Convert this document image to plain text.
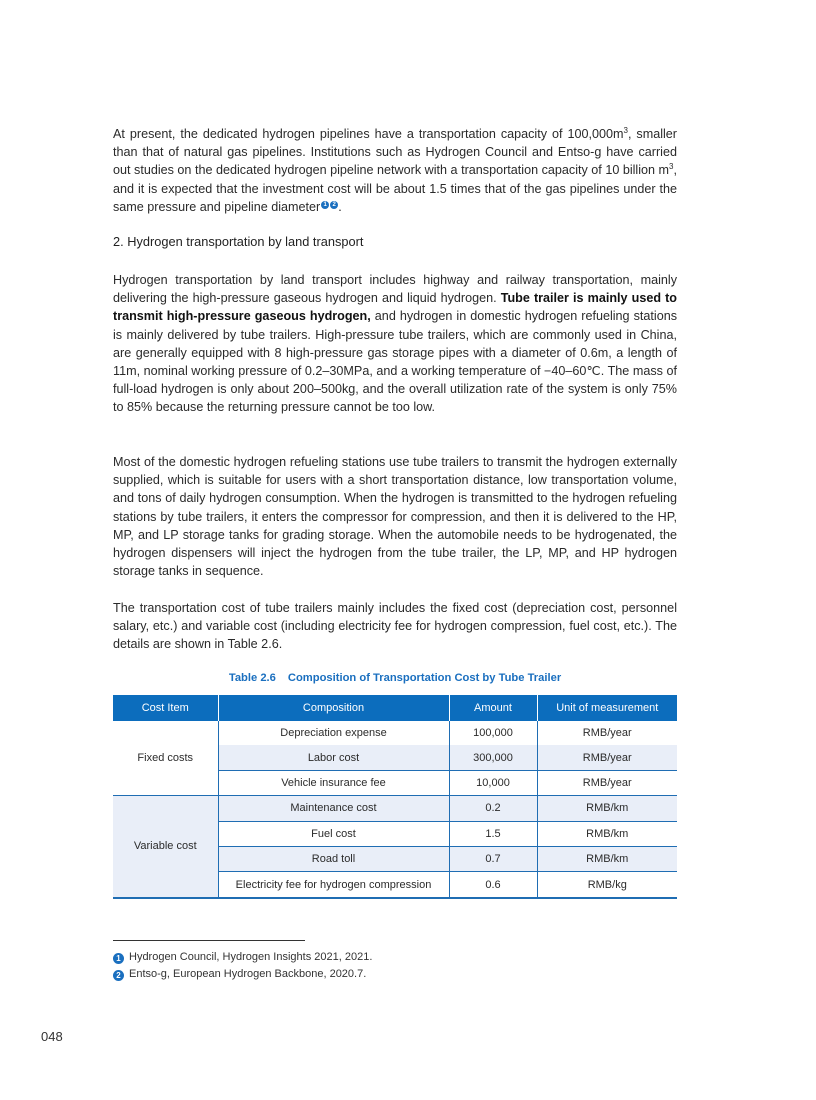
At present, the dedicated hydrogen pipelines have a transportation capacity of $100,000m^3$, smaller than that of natural gas pipelines. Institutions such as Hydrogen Council and Entso-g have carried out studies on the dedicated hydrogen pipeline network with a transportation capacity of 10 billion $m^3$, and it is expected that the investment cost will be about 1.5 times that of the gas pipelines under the same pressure and pipeline diameter 1 2 .

2. Hydrogen transportation by land transport

Hydrogen transportation by land transport includes highway and railway transportation, mainly delivering the high-pressure gaseous hydrogen and liquid hydrogen. Tube trailer is mainly used to transmit high-pressure gaseous hydrogen, and hydrogen in domestic hydrogen refueling stations is mainly delivered by tube trailers. High-pressure tube trailers, which are commonly used in China, are generally equipped with 8 high-pressure gas storage pipes with a diameter of 0.6m, a length of 11m, nominal working pressure of 0.2–30MPa, and a working temperature of −40–60℃. The mass of full-load hydrogen is only about 200–500kg, and the overall utilization rate of the system is only 75% to 85% because the returning pressure cannot be too low.

Most of the domestic hydrogen refueling stations use tube trailers to transmit the hydrogen externally supplied, which is suitable for users with a short transportation distance, low transportation volume, and tons of daily hydrogen consumption. When the hydrogen is transmitted to the hydrogen refueling stations by tube trailers, it enters the compressor for compression, and then it is delivered to the HP, MP, and LP storage tanks for grading storage. When the automobile needs to be hydrogenated, the hydrogen dispensers will inject the hydrogen from the tube trailer, the LP, MP, and HP hydrogen storage tanks in sequence.

The transportation cost of tube trailers mainly includes the fixed cost (depreciation cost, personnel salary, etc.) and variable cost (including electricity fee for hydrogen compression, fuel cost, etc.). The details are shown in Table 2.6.

Table 2.6 Composition of Transportation Cost by Tube Trailer

Cost Item	Composition	Amount	Unit of measurement
Fixed costs	Depreciation expense	100,000	RMB/year
	Labor cost	300,000	RMB/year
	Vehicle insurance fee	10,000	RMB/year
Variable cost	Maintenance cost	0.2	RMB/km
	Fuel cost	1.5	RMB/km
	Road toll	0.7	RMB/km
	Electricity fee for hydrogen compression	0.6	RMB/kg

1 Hydrogen Council, Hydrogen Insights 2021, 2021.

2 Entso-g, European Hydrogen Backbone, 2020.7.

048
